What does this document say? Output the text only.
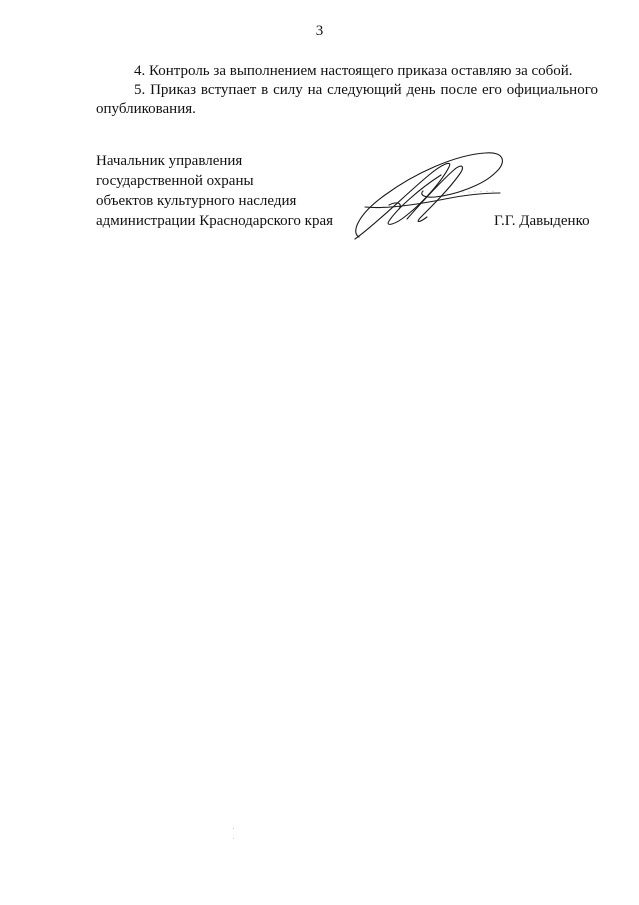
3

4. Контроль за выполнением настоящего приказа оставляю за собой.

5. Приказ вступает в силу на следующий день после его официального опубликования.

Начальник управления
государственной охраны
объектов культурного наследия
администрации Краснодарского края	Г.Г. Давыденко
